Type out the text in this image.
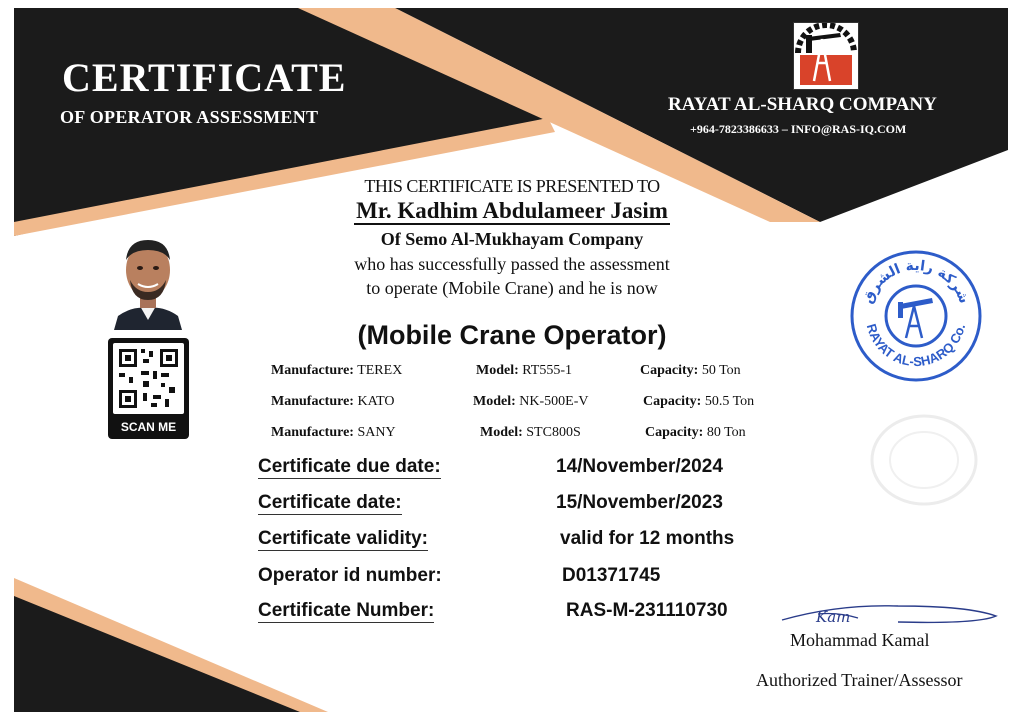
CERTIFICATE
OF OPERATOR ASSESSMENT
RAYAT AL-SHARQ COMPANY
+964-7823386633 – INFO@RAS-IQ.COM
THIS CERTIFICATE IS PRESENTED TO
Mr. Kadhim Abdulameer Jasim
Of Semo Al-Mukhayam Company
who has successfully passed the assessment
to operate (Mobile Crane) and he is now
(Mobile Crane Operator)
SCAN ME
Manufacture: TEREX	Model: RT555-1	Capacity: 50 Ton
Manufacture: KATO	Model: NK-500E-V	Capacity: 50.5 Ton
Manufacture: SANY	Model: STC800S	Capacity: 80 Ton
Certificate due date:	14/November/2024
Certificate date:	15/November/2023
Certificate validity:	valid for 12 months
Operator id number:	D01371745
Certificate Number:	RAS-M-231110730
شركة راية الشرق
RAYAT AL-SHARQ Co.
Kam
Mohammad Kamal
Authorized Trainer/Assessor
